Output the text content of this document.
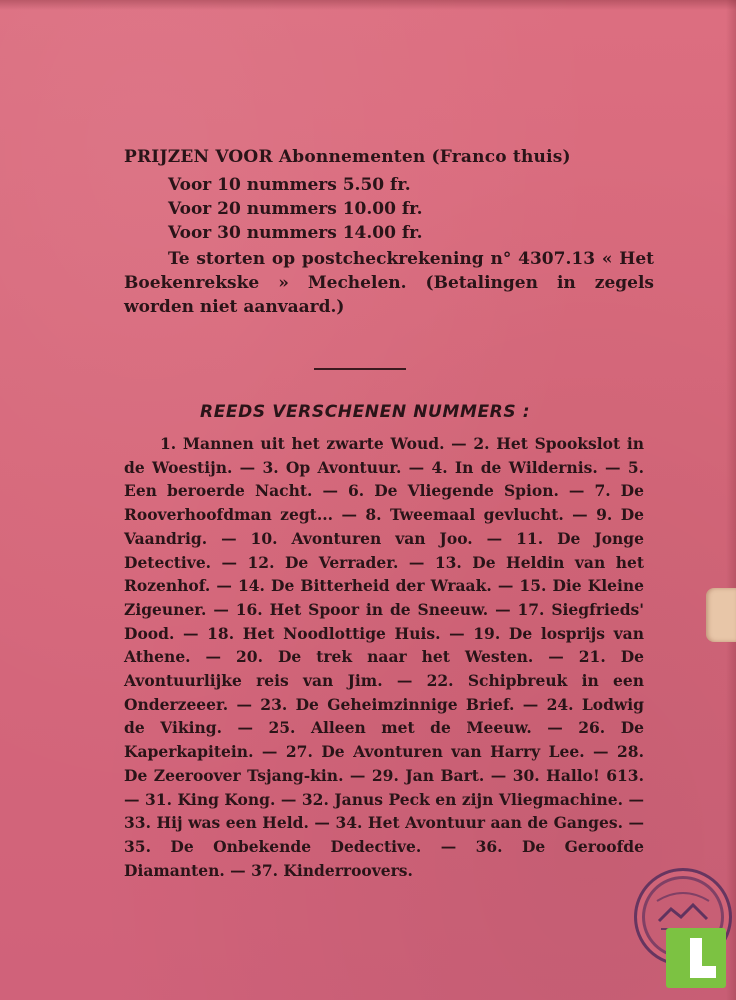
PRIJZEN VOOR Abonnementen (Franco thuis)
Voor 10 nummers 5.50 fr.
Voor 20 nummers 10.00 fr.
Voor 30 nummers 14.00 fr.
Te storten op postcheckrekening n° 4307.13 « Het Boekenrekske » Mechelen. (Betalingen in zegels worden niet aanvaard.)
REEDS VERSCHENEN NUMMERS :
1. Mannen uit het zwarte Woud. — 2. Het Spookslot in de Woestijn. — 3. Op Avontuur. — 4. In de Wildernis. — 5. Een beroerde Nacht. — 6. De Vliegende Spion. — 7. De Rooverhoofdman zegt... — 8. Tweemaal gevlucht. — 9. De Vaandrig. — 10. Avonturen van Joo. — 11. De Jonge Detective. — 12. De Verrader. — 13. De Heldin van het Rozenhof. — 14. De Bitterheid der Wraak. — 15. Die Kleine Zigeuner. — 16. Het Spoor in de Sneeuw. — 17. Siegfrieds' Dood. — 18. Het Noodlottige Huis. — 19. De losprijs van Athene. — 20. De trek naar het Westen. — 21. De Avontuurlijke reis van Jim. — 22. Schipbreuk in een Onderzeeer. — 23. De Geheimzinnige Brief. — 24. Lodwig de Viking. — 25. Alleen met de Meeuw. — 26. De Kaperkapitein. — 27. De Avonturen van Harry Lee. — 28. De Zeeroover Tsjang-kin. — 29. Jan Bart. — 30. Hallo! 613. — 31. King Kong. — 32. Janus Peck en zijn Vliegmachine. — 33. Hij was een Held. — 34. Het Avontuur aan de Ganges. — 35. De Onbekende Dedective. — 36. De Geroofde Diamanten. — 37. Kinderroovers.
